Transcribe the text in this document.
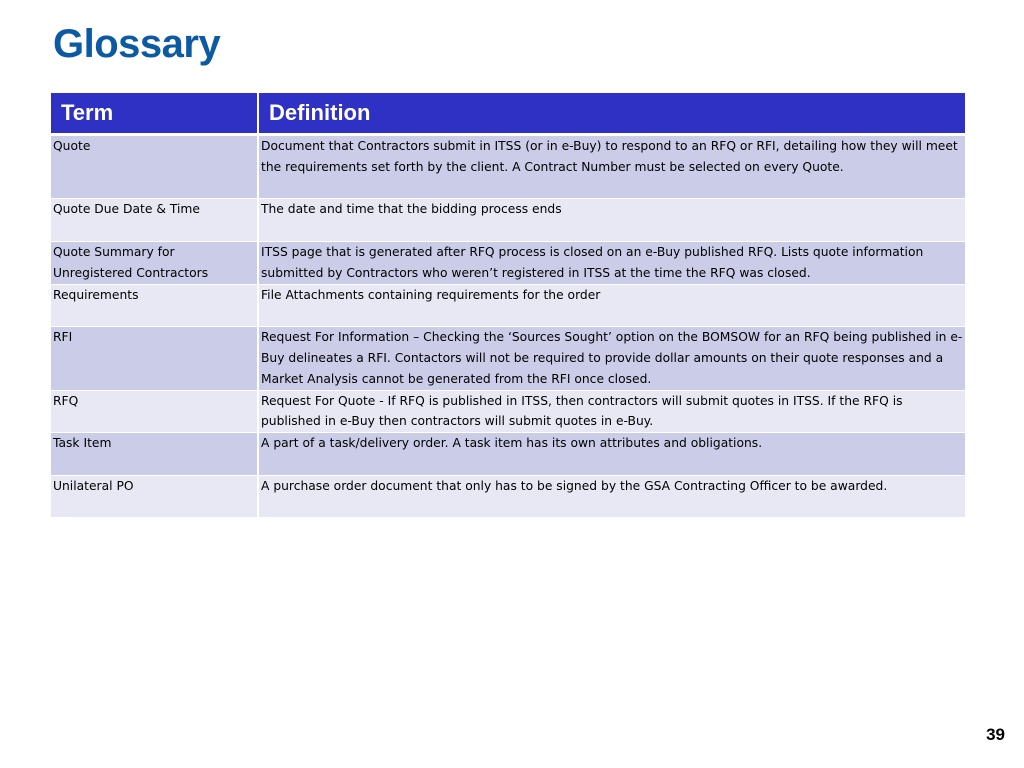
Glossary
Term	Definition
Quote	Document that Contractors submit in ITSS (or in e-Buy) to respond to an RFQ or RFI, detailing how they will meet the requirements set forth by the client. A Contract Number must be selected on every Quote.
Quote Due Date & Time	The date and time that the bidding process ends
Quote Summary for Unregistered Contractors	ITSS page that is generated after RFQ process is closed on an e-Buy published RFQ. Lists quote information submitted by Contractors who weren’t registered in ITSS at the time the RFQ was closed.
Requirements	File Attachments containing requirements for the order
RFI	Request For Information – Checking the ‘Sources Sought’ option on the BOMSOW for an RFQ being published in e-Buy delineates a RFI. Contactors will not be required to provide dollar amounts on their quote responses and a Market Analysis cannot be generated from the RFI once closed.
RFQ	Request For Quote - If RFQ is published in ITSS, then contractors will submit quotes in ITSS. If the RFQ is published in e-Buy then contractors will submit quotes in e-Buy.
Task Item	A part of a task/delivery order. A task item has its own attributes and obligations.
Unilateral PO	A purchase order document that only has to be signed by the GSA Contracting Officer to be awarded.
39
